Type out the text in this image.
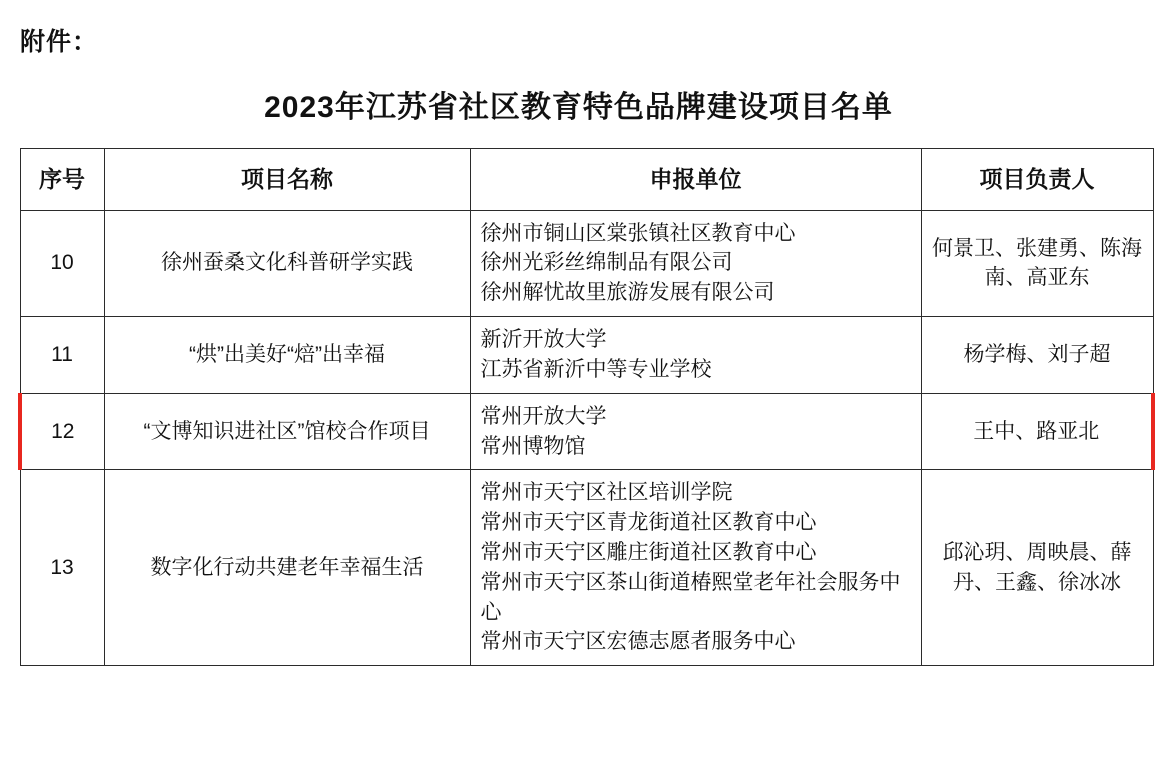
附件：
2023年江苏省社区教育特色品牌建设项目名单
序号	项目名称	申报单位	项目负责人
10	徐州蚕桑文化科普研学实践	徐州市铜山区棠张镇社区教育中心
徐州光彩丝绵制品有限公司
徐州解忧故里旅游发展有限公司	何景卫、张建勇、陈海南、高亚东
11	“烘”出美好“焙”出幸福	新沂开放大学
江苏省新沂中等专业学校	杨学梅、刘子超
12	“文博知识进社区”馆校合作项目	常州开放大学
常州博物馆	王中、路亚北
13	数字化行动共建老年幸福生活	常州市天宁区社区培训学院
常州市天宁区青龙街道社区教育中心
常州市天宁区雕庄街道社区教育中心
常州市天宁区茶山街道椿熙堂老年社会服务中心
常州市天宁区宏德志愿者服务中心	邱沁玥、周映晨、薛丹、王鑫、徐冰冰
